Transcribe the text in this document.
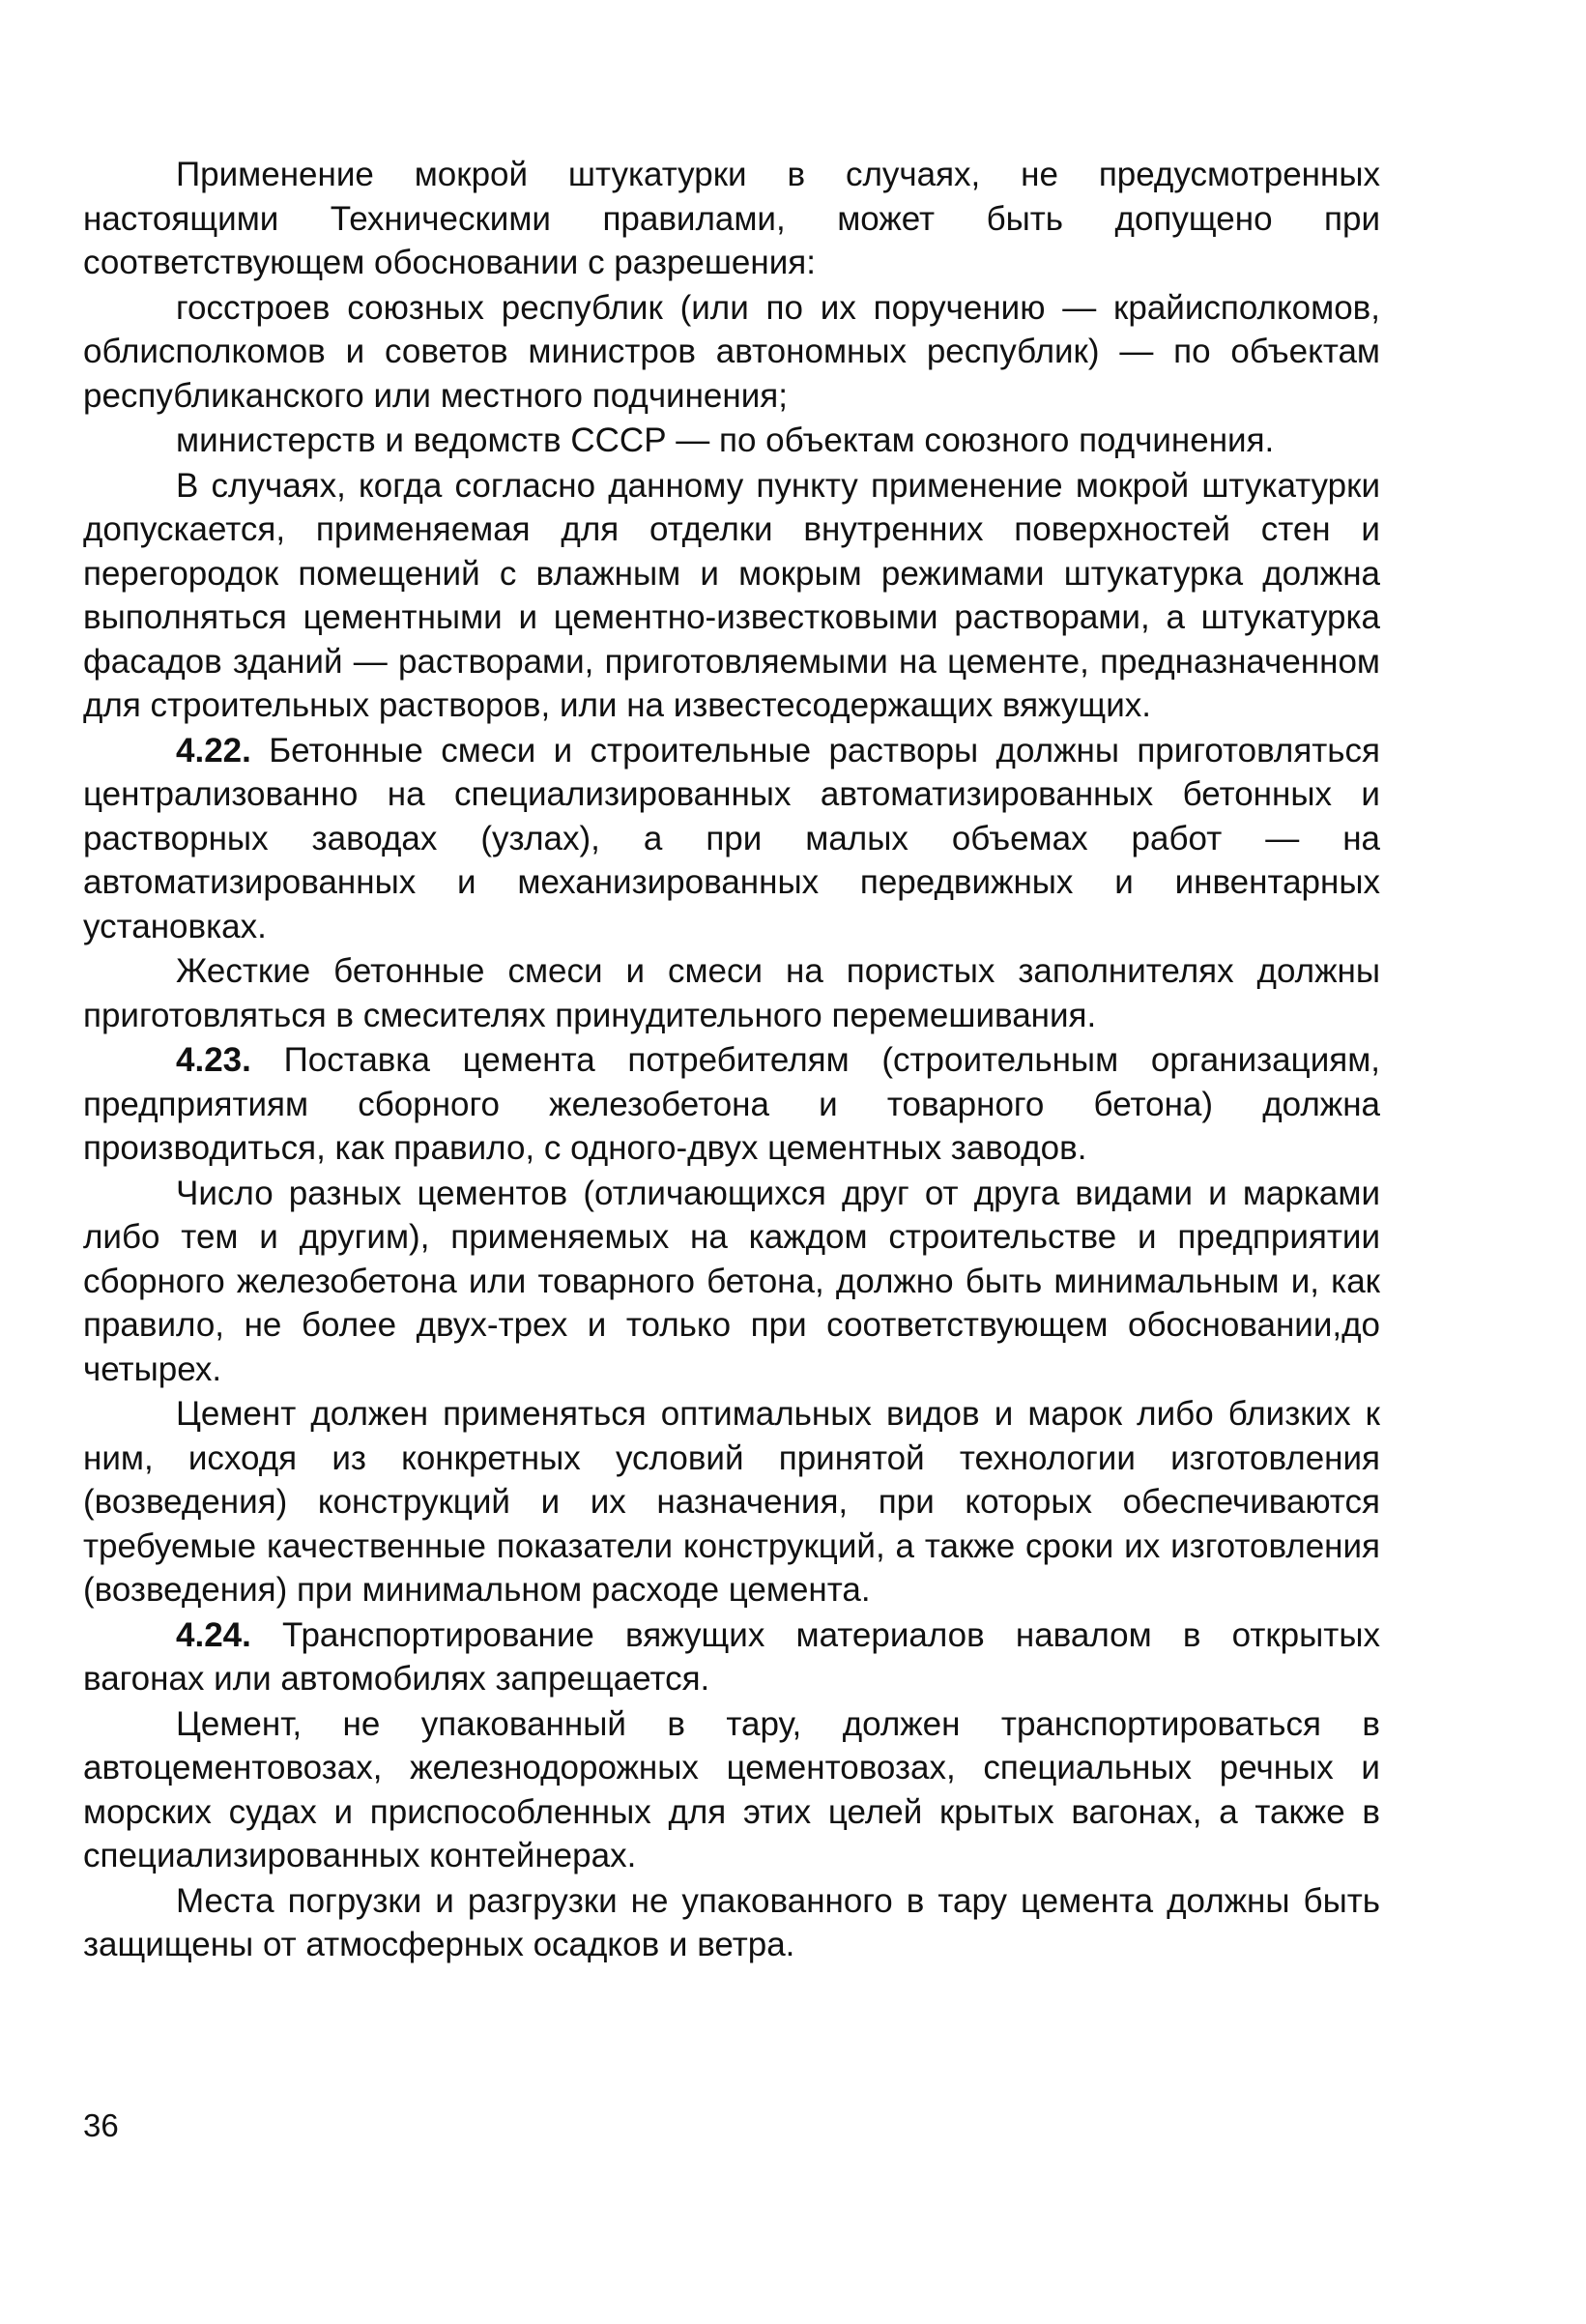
Применение мокрой штукатурки в случаях, не предусмотренных настоящими Техническими правилами, может быть допущено при соответствующем обосновании с разрешения:

госстроев союзных республик (или по их поручению — крайисполкомов, облисполкомов и советов министров автономных республик) — по объектам республиканского или местного подчинения;

министерств и ведомств СССР — по объектам союзного подчинения.

В случаях, когда согласно данному пункту применение мокрой штукатурки допускается, применяемая для отделки внутренних поверхностей стен и перегородок помещений с влажным и мокрым режимами штукатурка должна выполняться цементными и цементно-известковыми растворами, а штукатурка фасадов зданий — растворами, приготовляемыми на цементе, предназначенном для строительных растворов, или на известесодержащих вяжущих.

4.22. Бетонные смеси и строительные растворы должны приготовляться централизованно на специализированных автоматизированных бетонных и растворных заводах (узлах), а при малых объемах работ — на автоматизированных и механизированных передвижных и инвентарных установках.

Жесткие бетонные смеси и смеси на пористых заполнителях должны приготовляться в смесителях принудительного перемешивания.

4.23. Поставка цемента потребителям (строительным организациям, предприятиям сборного железобетона и товарного бетона) должна производиться, как правило, с одного-двух цементных заводов.

Число разных цементов (отличающихся друг от друга видами и марками либо тем и другим), применяемых на каждом строительстве и предприятии сборного железобетона или товарного бетона, должно быть минимальным и, как правило, не более двух-трех и только при соответствующем обосновании,до четырех.

Цемент должен применяться оптимальных видов и марок либо близких к ним, исходя из конкретных условий принятой технологии изготовления (возведения) конструкций и их назначения, при которых обеспечиваются требуемые качественные показатели конструкций, а также сроки их изготовления (возведения) при минимальном расходе цемента.

4.24. Транспортирование вяжущих материалов навалом в открытых вагонах или автомобилях запрещается.

Цемент, не упакованный в тару, должен транспортироваться в автоцементовозах, железнодорожных цементовозах, специальных речных и морских судах и приспособленных для этих целей крытых вагонах, а также в специализированных контейнерах.

Места погрузки и разгрузки не упакованного в тару цемента должны быть защищены от атмосферных осадков и ветра.

36
